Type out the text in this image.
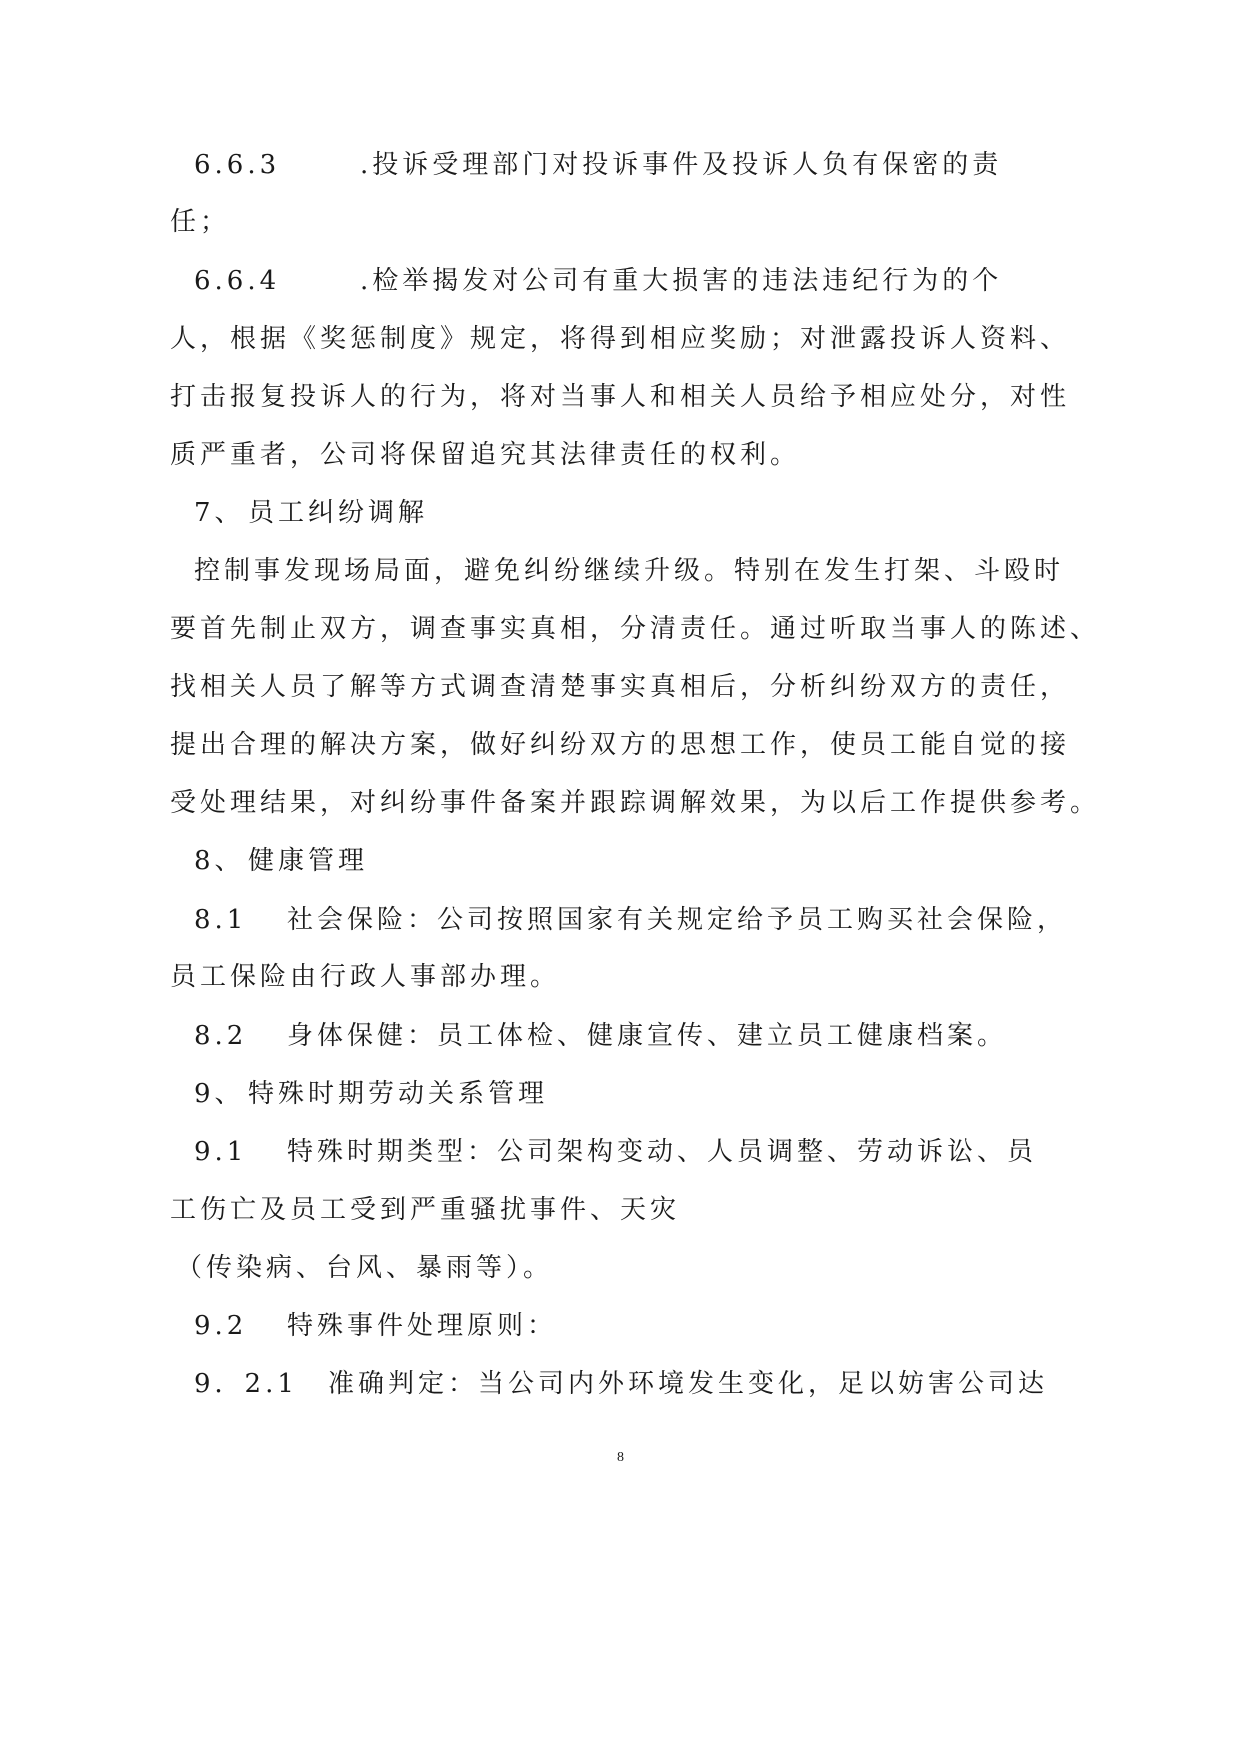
6.6.3	.投诉受理部门对投诉事件及投诉人负有保密的责
任；
6.6.4	.检举揭发对公司有重大损害的违法违纪行为的个
人，根据《奖惩制度》规定，将得到相应奖励；对泄露投诉人资料、
打击报复投诉人的行为，将对当事人和相关人员给予相应处分，对性
质严重者，公司将保留追究其法律责任的权利。
7、 员工纠纷调解
控制事发现场局面，避免纠纷继续升级。特别在发生打架、斗殴时
要首先制止双方，调查事实真相，分清责任。通过听取当事人的陈述、
找相关人员了解等方式调查清楚事实真相后，分析纠纷双方的责任，
提出合理的解决方案，做好纠纷双方的思想工作，使员工能自觉的接
受处理结果，对纠纷事件备案并跟踪调解效果，为以后工作提供参考。
8、 健康管理
8.1 社会保险：公司按照国家有关规定给予员工购买社会保险，
员工保险由行政人事部办理。
8.2 身体保健：员工体检、健康宣传、建立员工健康档案。
9、 特殊时期劳动关系管理
9.1 特殊时期类型：公司架构变动、人员调整、劳动诉讼、员
工伤亡及员工受到严重骚扰事件、天灾
（传染病、台风、暴雨等）。
9.2 特殊事件处理原则：
9．2.1 准确判定：当公司内外环境发生变化，足以妨害公司达
8
